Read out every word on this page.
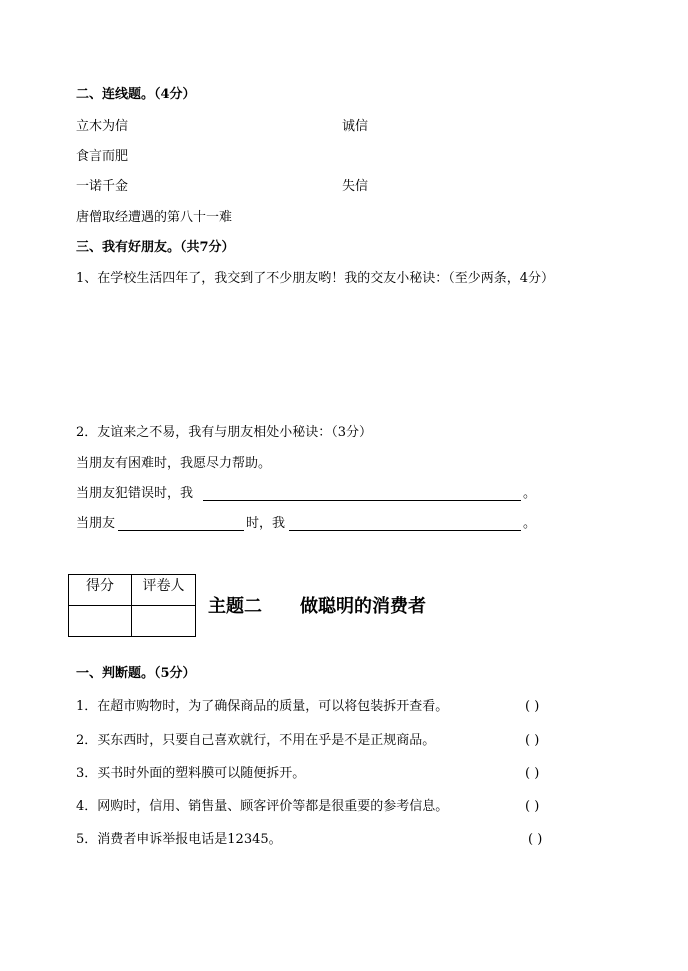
二、连线题。（4分）
立木为信	诚信
食言而肥
一诺千金	失信
唐僧取经遭遇的第八十一难
三、我有好朋友。（共7分）
1、在学校生活四年了，我交到了不少朋友哟！我的交友小秘诀：（至少两条，4分）
2．友谊来之不易，我有与朋友相处小秘诀：（3分）
当朋友有困难时，我愿尽力帮助。
当朋友犯错误时，我	。
当朋友	时，我	。
得分	评卷人

主题二 做聪明的消费者
一、判断题。（5分）
1．在超市购物时，为了确保商品的质量，可以将包装拆开查看。	( )
2．买东西时，只要自己喜欢就行，不用在乎是不是正规商品。	( )
3．买书时外面的塑料膜可以随便拆开。	( )
4．网购时，信用、销售量、顾客评价等都是很重要的参考信息。	( )
5．消费者申诉举报电话是12345。	( )
